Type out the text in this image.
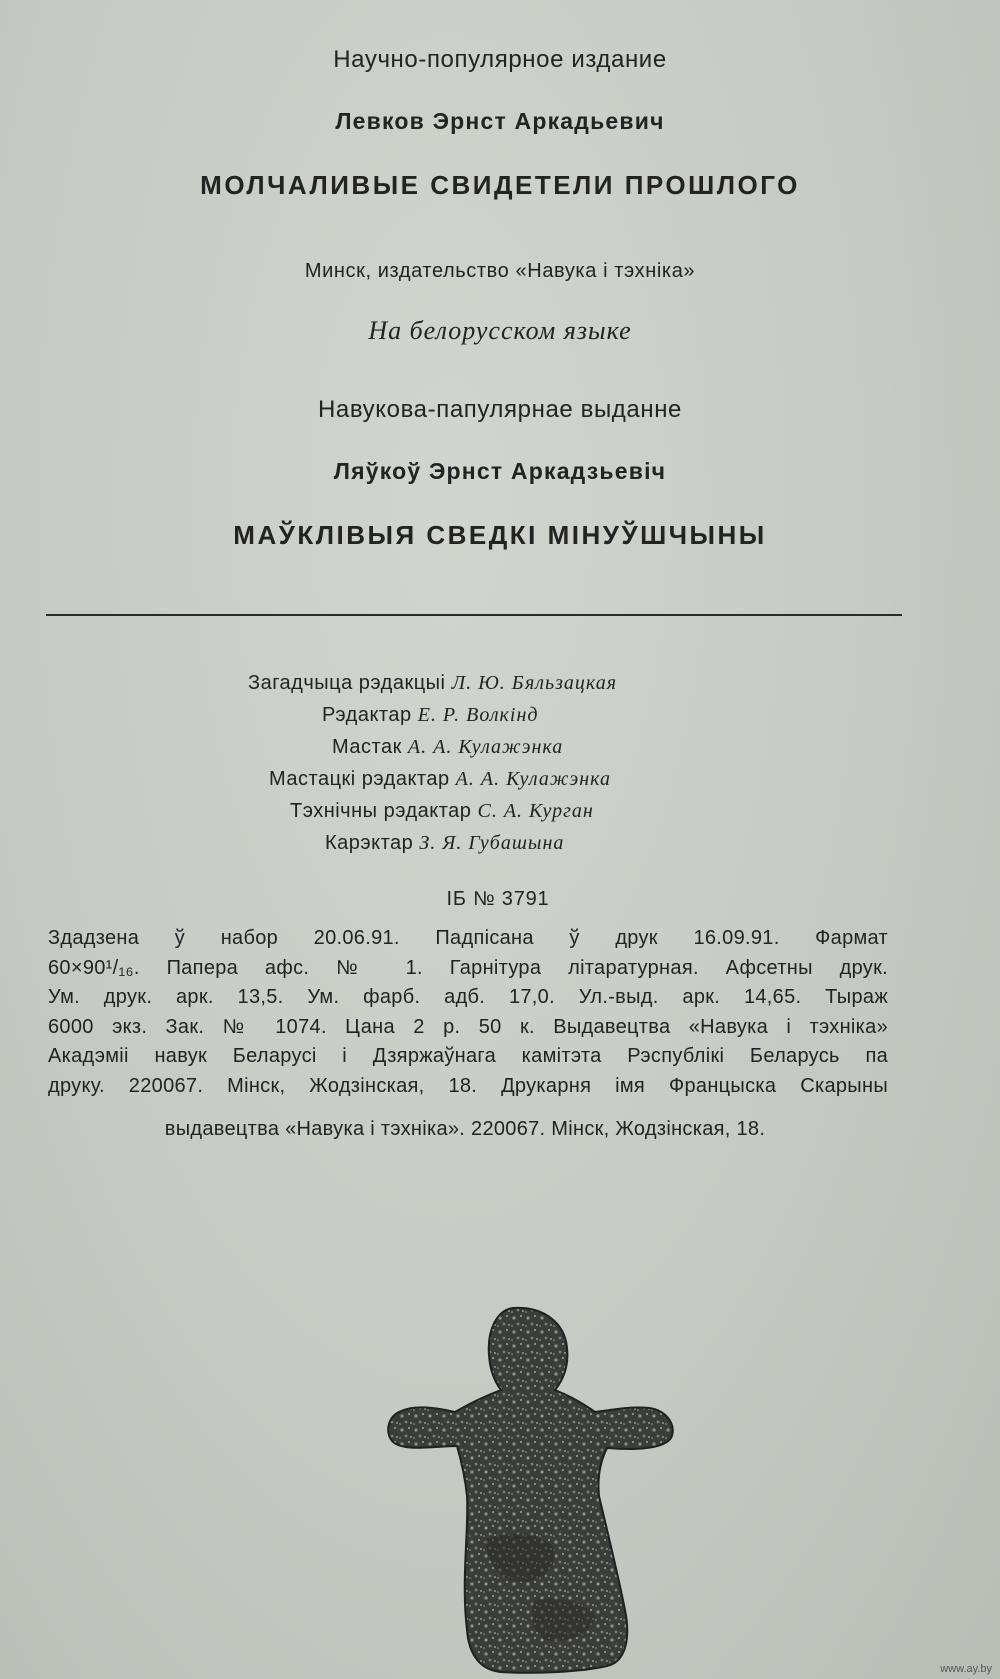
Научно-популярное издание
Левков Эрнст Аркадьевич
МОЛЧАЛИВЫЕ СВИДЕТЕЛИ ПРОШЛОГО
Минск, издательство «Навука і тэхніка»
На белорусском языке
Навукова-папулярнае выданне
Ляўкоў Эрнст Аркадзьевіч
МАЎКЛІВЫЯ СВЕДКІ МІНУЎШЧЫНЫ
Загадчыца рэдакцыі Л. Ю. Бяльзацкая
Рэдактар Е. Р. Волкінд
Мастак А. А. Кулажэнка
Мастацкі рэдактар А. А. Кулажэнка
Тэхнічны рэдактар С. А. Курган
Карэктар З. Я. Губашына
ІБ № 3791
Здадзена ў набор 20.06.91. Падпісана ў друк 16.09.91. Фармат
60×90¹/₁₆. Папера афс. № 1. Гарнітура літаратурная. Афсетны друк.
Ум. друк. арк. 13,5. Ум. фарб. адб. 17,0. Ул.-выд. арк. 14,65. Тыраж
6000 экз. Зак. № 1074. Цана 2 р. 50 к. Выдавецтва «Навука і тэхніка»
Акадэміі навук Беларусі і Дзяржаўнага камітэта Рэспублікі Беларусь па
друку. 220067. Мінск, Жодзінская, 18. Друкарня імя Францыска Скарыны
выдавецтва «Навука і тэхніка». 220067. Мінск, Жодзінская, 18.
www.ay.by
